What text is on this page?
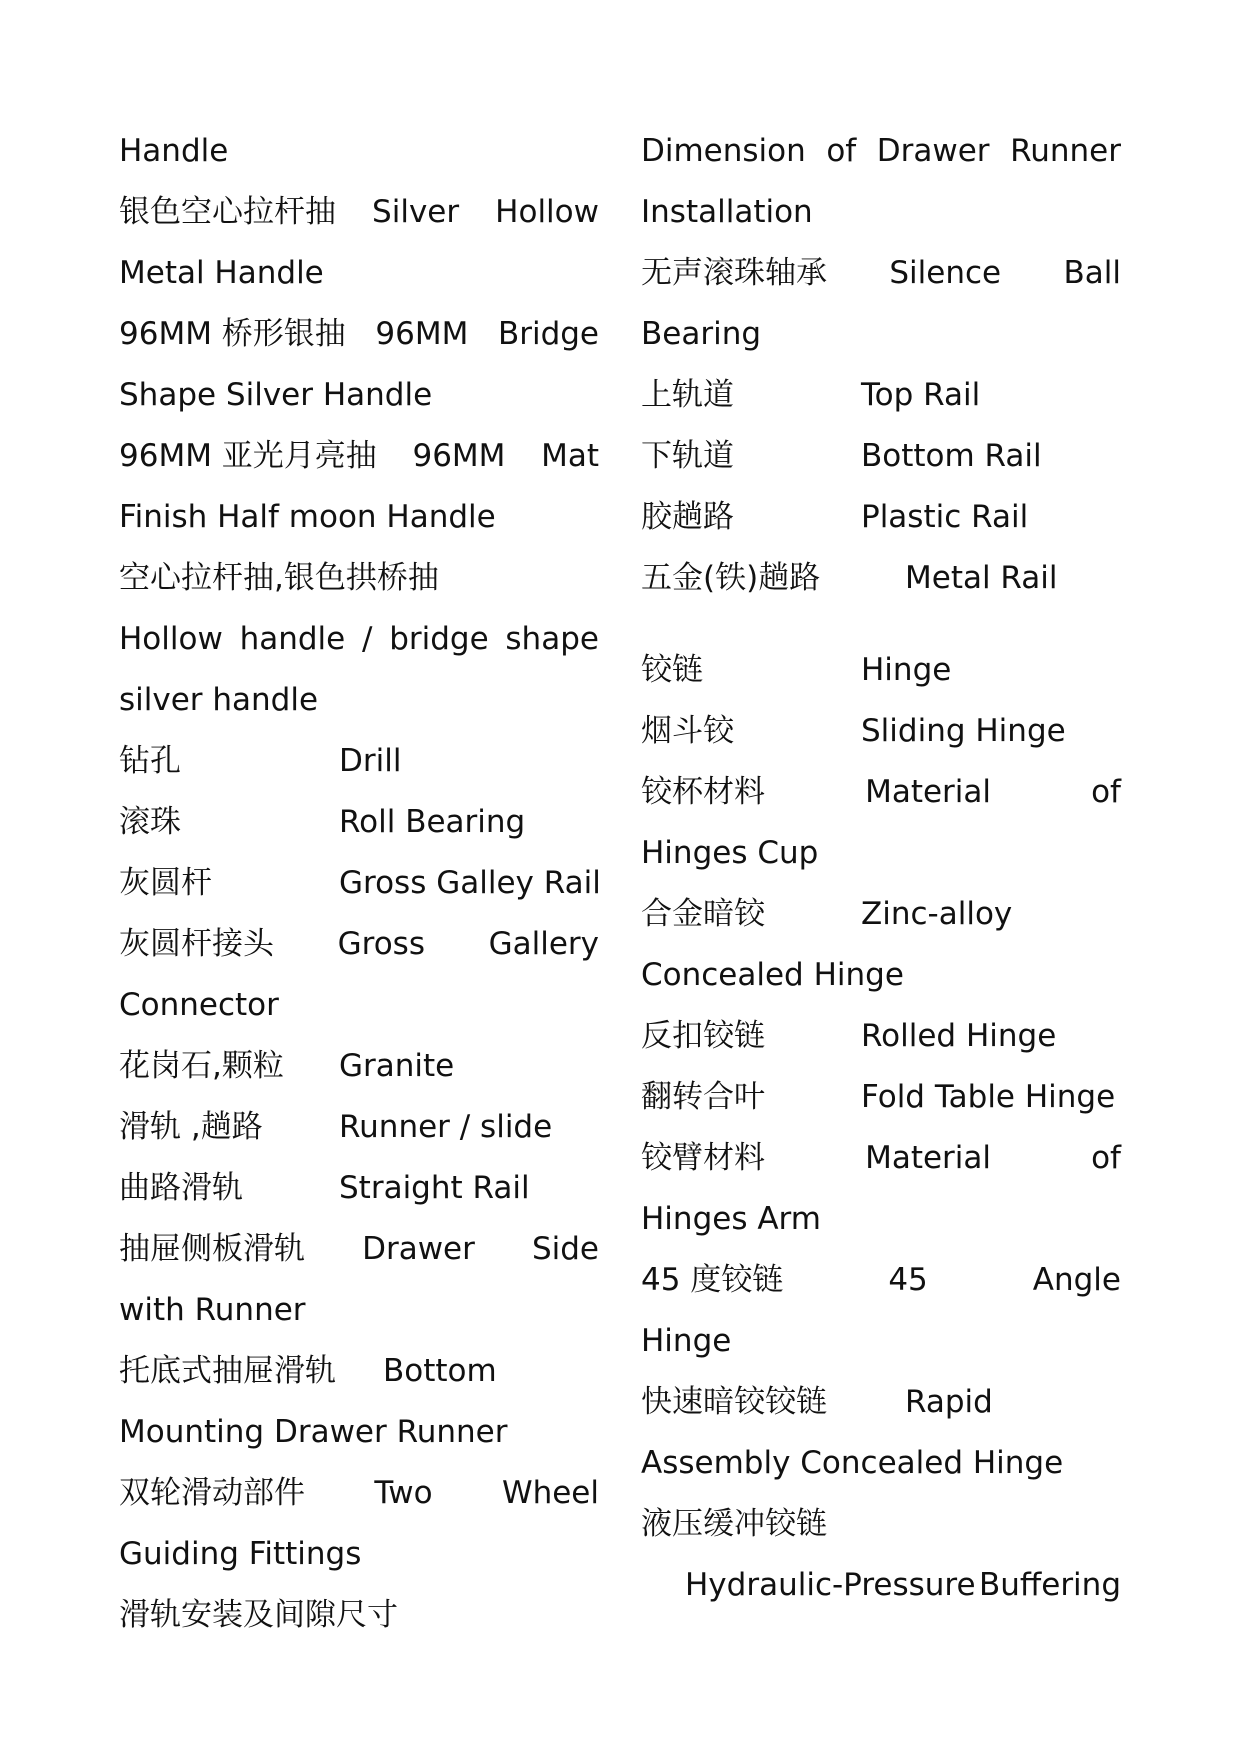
Handle
银色空心拉杆抽 Silver Hollow
Metal Handle
96MM 桥形银抽 96MM Bridge
Shape Silver Handle
96MM 亚光月亮抽 96MM Mat
Finish Half moon Handle
空心拉杆抽,银色拱桥抽
Hollow handle / bridge shape
silver handle
钻孔	Drill
滚珠	Roll Bearing
灰圆杆	Gross Galley Rail
灰圆杆接头 Gross Gallery
Connector
花岗石,颗粒	Granite
滑轨 ,趟路	Runner / slide
曲路滑轨	Straight Rail
抽屉侧板滑轨 Drawer Side
with Runner
托底式抽屉滑轨	Bottom
Mounting Drawer Runner
双轮滑动部件 Two Wheel
Guiding Fittings
滑轨安装及间隙尺寸
Dimension of Drawer Runner
Installation
无声滚珠轴承 Silence Ball
Bearing
上轨道	Top Rail
下轨道	Bottom Rail
胶趟路	Plastic Rail
五金(铁)趟路	Metal Rail
铰链	Hinge
烟斗铰	Sliding Hinge
铰杯材料	Material	of
Hinges Cup
合金暗铰	Zinc-alloy
Concealed Hinge
反扣铰链	Rolled Hinge
翻转合叶	Fold Table Hinge
铰臂材料	Material	of
Hinges Arm
45 度铰链	45	Angle
Hinge
快速暗铰铰链	Rapid
Assembly Concealed Hinge
液压缓冲铰链
Hydraulic-Pressure Buffering
